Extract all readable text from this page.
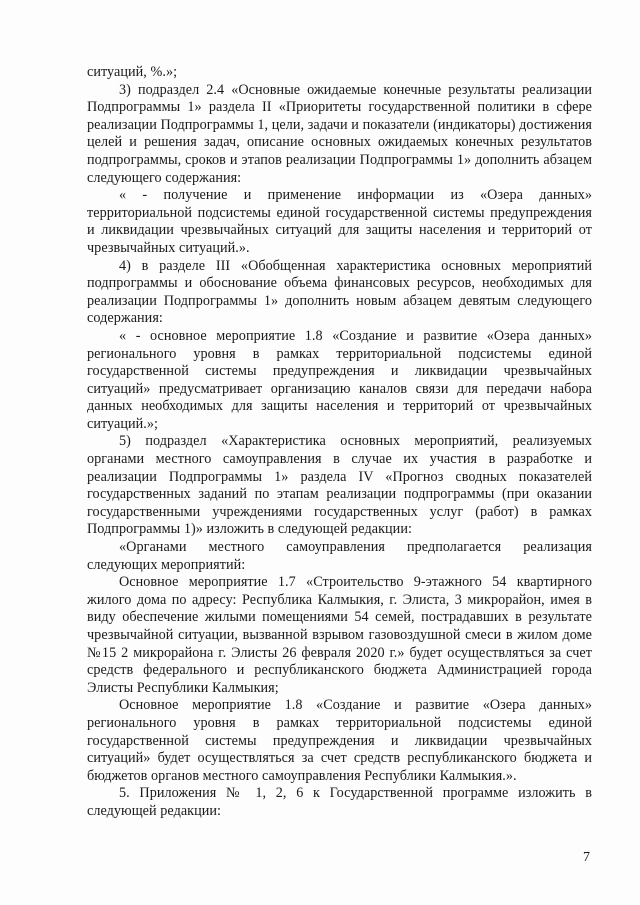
ситуаций, %.»;

3) подраздел 2.4 «Основные ожидаемые конечные результаты реализации Подпрограммы 1» раздела II «Приоритеты государственной политики в сфере реализации Подпрограммы 1, цели, задачи и показатели (индикаторы) достижения целей и решения задач, описание основных ожидаемых конечных результатов подпрограммы, сроков и этапов реализации Подпрограммы 1» дополнить абзацем следующего содержания:

« - получение и применение информации из «Озера данных» территориальной подсистемы единой государственной системы предупреждения и ликвидации чрезвычайных ситуаций для защиты населения и территорий от чрезвычайных ситуаций.».

4) в разделе III «Обобщенная характеристика основных мероприятий подпрограммы и обоснование объема финансовых ресурсов, необходимых для реализации Подпрограммы 1» дополнить новым абзацем девятым следующего содержания:

« - основное мероприятие 1.8 «Создание и развитие «Озера данных» регионального уровня в рамках территориальной подсистемы единой государственной системы предупреждения и ликвидации чрезвычайных ситуаций» предусматривает организацию каналов связи для передачи набора данных необходимых для защиты населения и территорий от чрезвычайных ситуаций.»;

5) подраздел «Характеристика основных мероприятий, реализуемых органами местного самоуправления в случае их участия в разработке и реализации Подпрограммы 1» раздела IV «Прогноз сводных показателей государственных заданий по этапам реализации подпрограммы (при оказании государственными учреждениями государственных услуг (работ) в рамках Подпрограммы 1)» изложить в следующей редакции:

«Органами местного самоуправления предполагается реализация следующих мероприятий:

Основное мероприятие 1.7 «Строительство 9-этажного 54 квартирного жилого дома по адресу: Республика Калмыкия, г. Элиста, 3 микрорайон, имея в виду обеспечение жилыми помещениями 54 семей, пострадавших в результате чрезвычайной ситуации, вызванной взрывом газовоздушной смеси в жилом доме №15 2 микрорайона г. Элисты 26 февраля 2020 г.» будет осуществляться за счет средств федерального и республиканского бюджета Администрацией города Элисты Республики Калмыкия;

Основное мероприятие 1.8 «Создание и развитие «Озера данных» регионального уровня в рамках территориальной подсистемы единой государственной системы предупреждения и ликвидации чрезвычайных ситуаций» будет осуществляться за счет средств республиканского бюджета и бюджетов органов местного самоуправления Республики Калмыкия.».

5. Приложения № 1, 2, 6 к Государственной программе изложить в следующей редакции:

7
